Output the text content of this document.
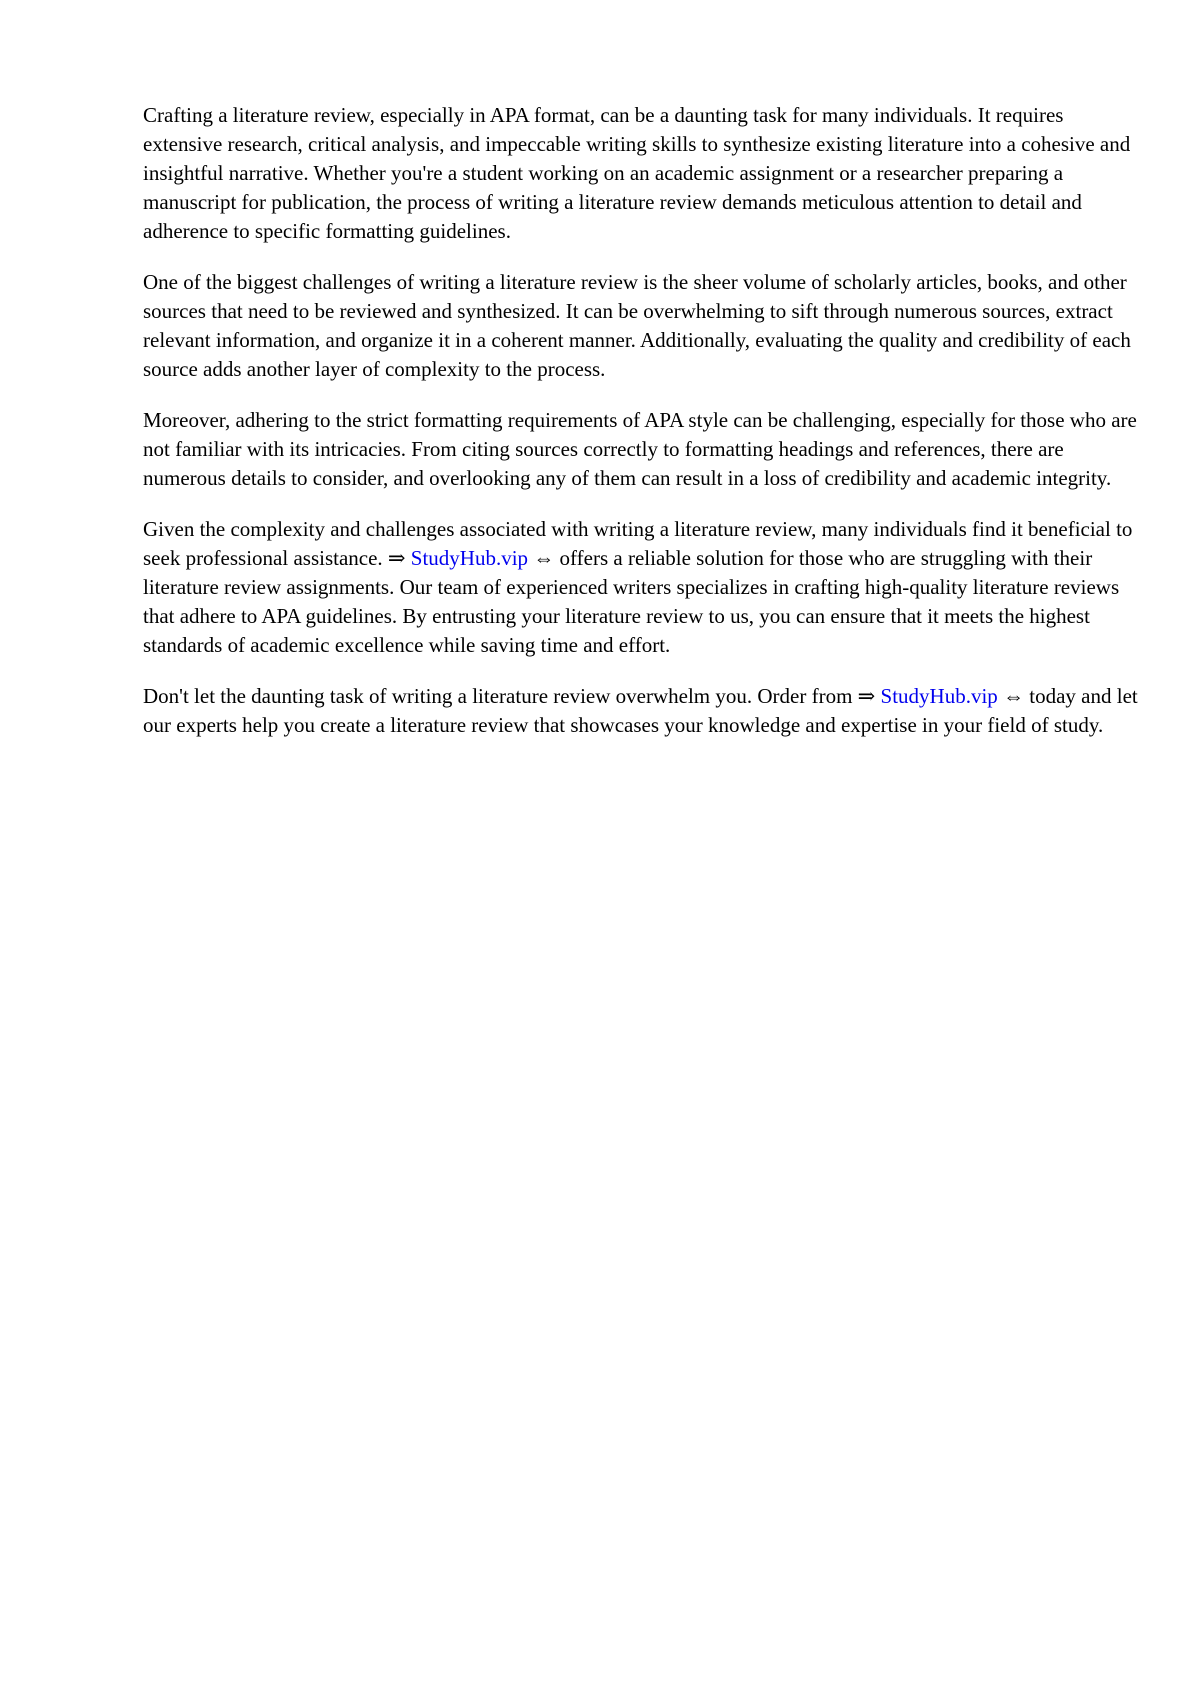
Crafting a literature review, especially in APA format, can be a daunting task for many individuals. It requires extensive research, critical analysis, and impeccable writing skills to synthesize existing literature into a cohesive and insightful narrative. Whether you're a student working on an academic assignment or a researcher preparing a manuscript for publication, the process of writing a literature review demands meticulous attention to detail and adherence to specific formatting guidelines.

One of the biggest challenges of writing a literature review is the sheer volume of scholarly articles, books, and other sources that need to be reviewed and synthesized. It can be overwhelming to sift through numerous sources, extract relevant information, and organize it in a coherent manner. Additionally, evaluating the quality and credibility of each source adds another layer of complexity to the process.

Moreover, adhering to the strict formatting requirements of APA style can be challenging, especially for those who are not familiar with its intricacies. From citing sources correctly to formatting headings and references, there are numerous details to consider, and overlooking any of them can result in a loss of credibility and academic integrity.

Given the complexity and challenges associated with writing a literature review, many individuals find it beneficial to seek professional assistance. ⇒ StudyHub.vip ⇔ offers a reliable solution for those who are struggling with their literature review assignments. Our team of experienced writers specializes in crafting high-quality literature reviews that adhere to APA guidelines. By entrusting your literature review to us, you can ensure that it meets the highest standards of academic excellence while saving time and effort.

Don't let the daunting task of writing a literature review overwhelm you. Order from ⇒ StudyHub.vip ⇔ today and let our experts help you create a literature review that showcases your knowledge and expertise in your field of study.
